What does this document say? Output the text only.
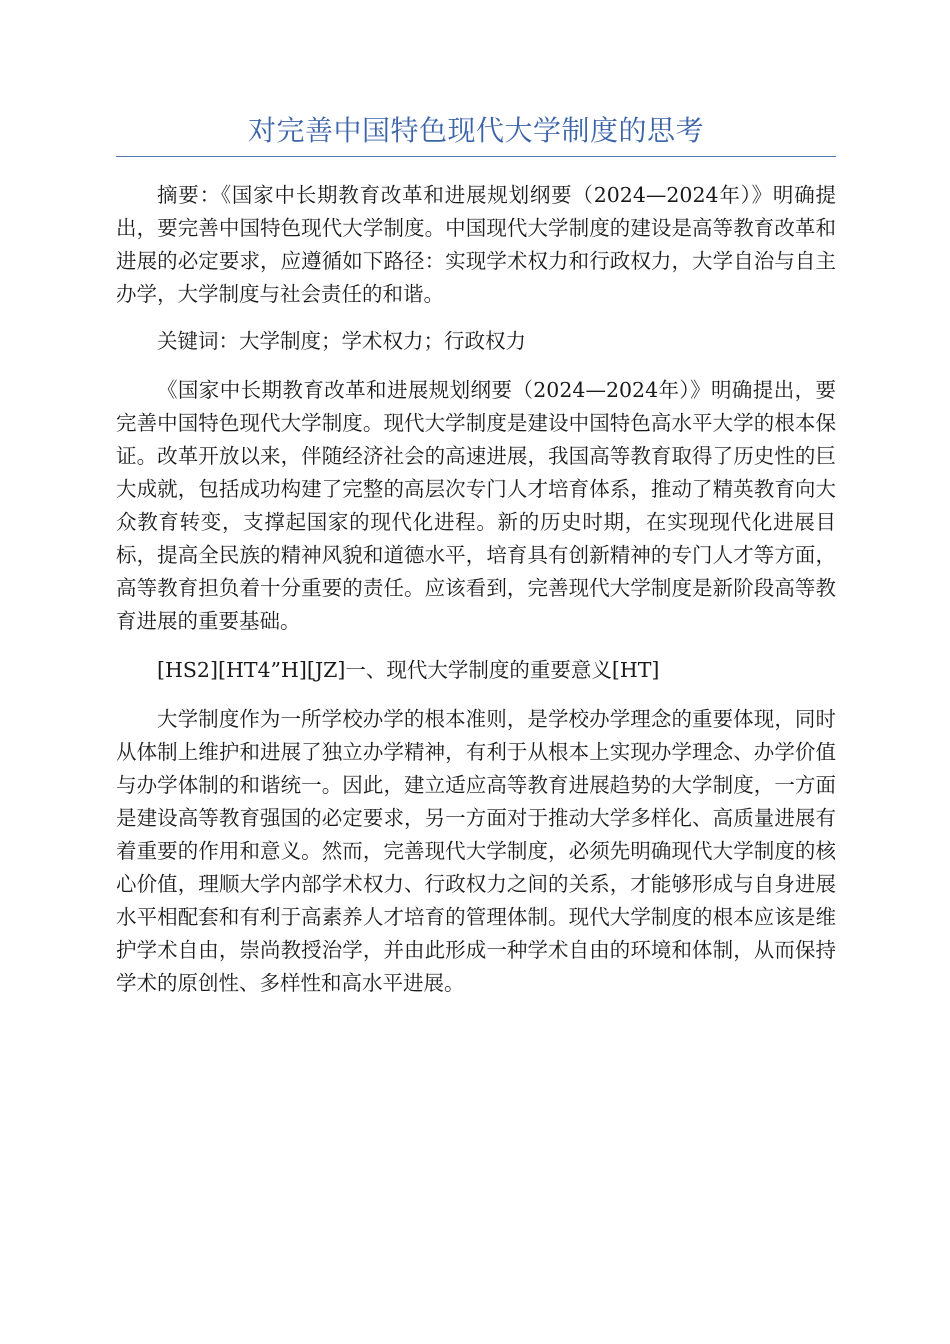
对完善中国特色现代大学制度的思考

摘要：《国家中长期教育改革和进展规划纲要（2024—2024年）》明确提出，要完善中国特色现代大学制度。中国现代大学制度的建设是高等教育改革和进展的必定要求，应遵循如下路径：实现学术权力和行政权力，大学自治与自主办学，大学制度与社会责任的和谐。

关键词：大学制度；学术权力；行政权力

《国家中长期教育改革和进展规划纲要（2024—2024年）》明确提出，要完善中国特色现代大学制度。现代大学制度是建设中国特色高水平大学的根本保证。改革开放以来，伴随经济社会的高速进展，我国高等教育取得了历史性的巨大成就，包括成功构建了完整的高层次专门人才培育体系，推动了精英教育向大众教育转变，支撑起国家的现代化进程。新的历史时期，在实现现代化进展目标，提高全民族的精神风貌和道德水平，培育具有创新精神的专门人才等方面，高等教育担负着十分重要的责任。应该看到，完善现代大学制度是新阶段高等教育进展的重要基础。

[HS2][HT4”H][JZ]一、现代大学制度的重要意义[HT]

大学制度作为一所学校办学的根本准则，是学校办学理念的重要体现，同时从体制上维护和进展了独立办学精神，有利于从根本上实现办学理念、办学价值与办学体制的和谐统一。因此，建立适应高等教育进展趋势的大学制度，一方面是建设高等教育强国的必定要求，另一方面对于推动大学多样化、高质量进展有着重要的作用和意义。然而，完善现代大学制度，必须先明确现代大学制度的核心价值，理顺大学内部学术权力、行政权力之间的关系，才能够形成与自身进展水平相配套和有利于高素养人才培育的管理体制。现代大学制度的根本应该是维护学术自由，崇尚教授治学，并由此形成一种学术自由的环境和体制，从而保持学术的原创性、多样性和高水平进展。
